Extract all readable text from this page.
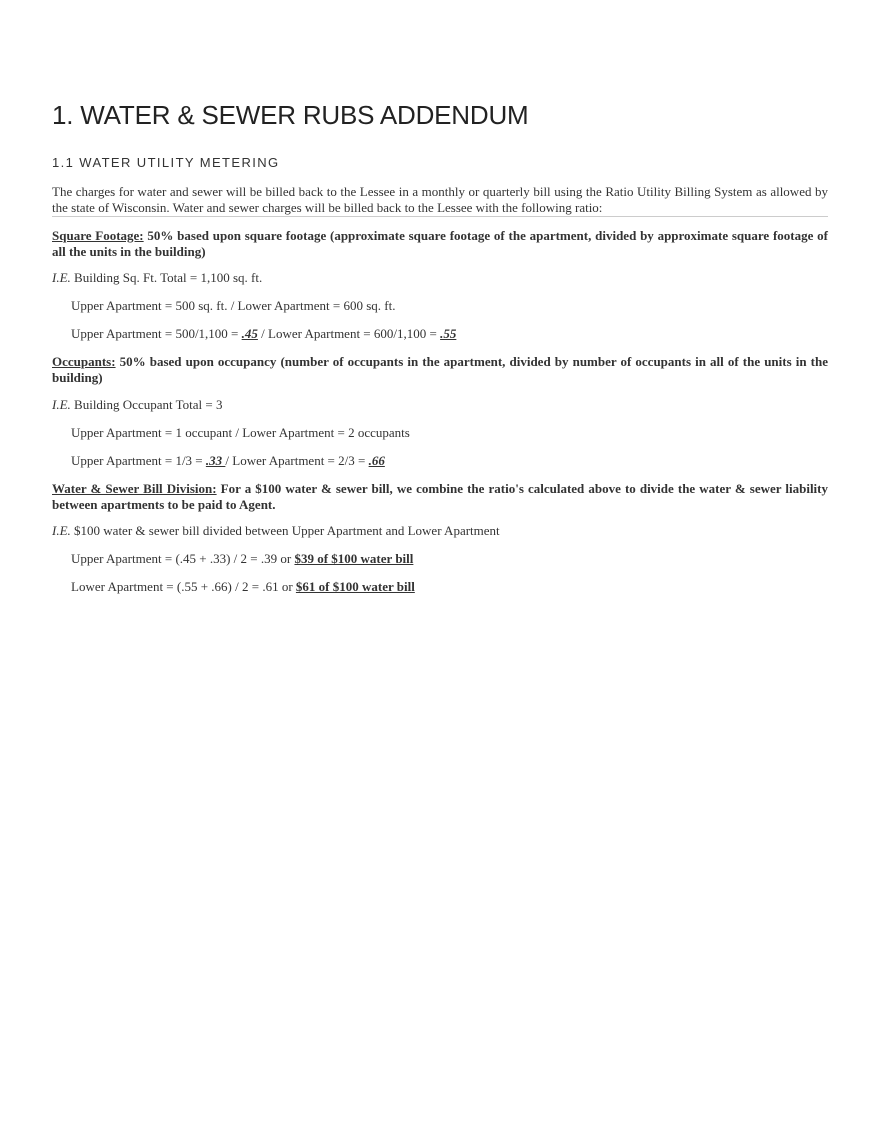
1. WATER & SEWER RUBS ADDENDUM
1.1 WATER UTILITY METERING
The charges for water and sewer will be billed back to the Lessee in a monthly or quarterly bill using the Ratio Utility Billing System as allowed by the state of Wisconsin. Water and sewer charges will be billed back to the Lessee with the following ratio:
Square Footage: 50% based upon square footage (approximate square footage of the apartment, divided by approximate square footage of all the units in the building)
I.E. Building Sq. Ft. Total = 1,100 sq. ft.
Upper Apartment = 500 sq. ft. / Lower Apartment = 600 sq. ft.
Upper Apartment = 500/1,100 = .45 / Lower Apartment = 600/1,100 = .55
Occupants: 50% based upon occupancy (number of occupants in the apartment, divided by number of occupants in all of the units in the building)
I.E. Building Occupant Total = 3
Upper Apartment = 1 occupant / Lower Apartment = 2 occupants
Upper Apartment = 1/3 = .33 / Lower Apartment = 2/3 = .66
Water & Sewer Bill Division: For a $100 water & sewer bill, we combine the ratio's calculated above to divide the water & sewer liability between apartments to be paid to Agent.
I.E. $100 water & sewer bill divided between Upper Apartment and Lower Apartment
Upper Apartment = (.45 + .33) / 2 = .39 or $39 of $100 water bill
Lower Apartment = (.55 + .66) / 2 = .61 or $61 of $100 water bill
